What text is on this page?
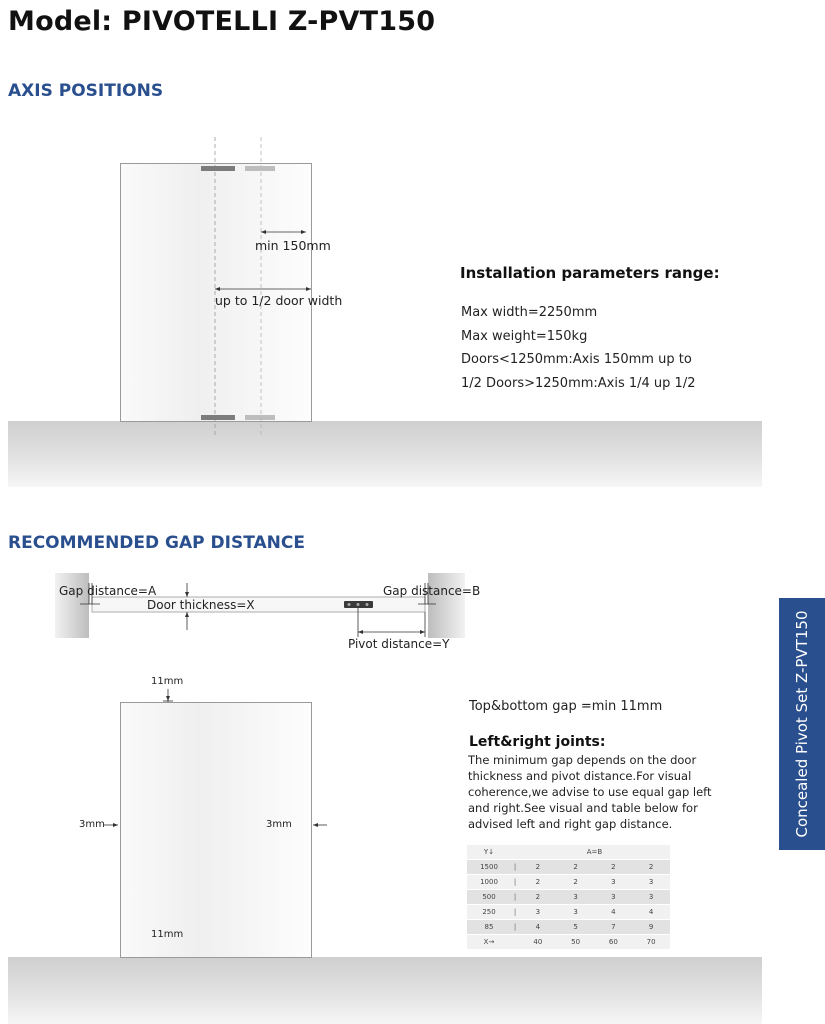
Model: PIVOTELLI Z-PVT150
AXIS POSITIONS
min 150mm
up to 1/2 door width
Installation parameters range:
Max width=2250mm
Max weight=150kg
Doors<1250mm:Axis 150mm up to
1/2 Doors>1250mm:Axis 1/4 up 1/2
RECOMMENDED GAP DISTANCE
Gap distance=A	Gap distance=B
Door thickness=X
Pivot distance=Y
11mm
11mm
3mm	3mm
Top&bottom gap =min 11mm
Left&right joints:
The minimum gap depends on the door thickness and pivot distance.For visual coherence,we advise to use equal gap left and right.See visual and table below for advised left and right gap distance.
Y↓		A=B			
1500	|	2	2	2	2
1000	|	2	2	3	3
500	|	2	3	3	3
250	|	3	3	4	4
85	|	4	5	7	9
X→		40	50	60	70
Concealed Pivot Set Z-PVT150
